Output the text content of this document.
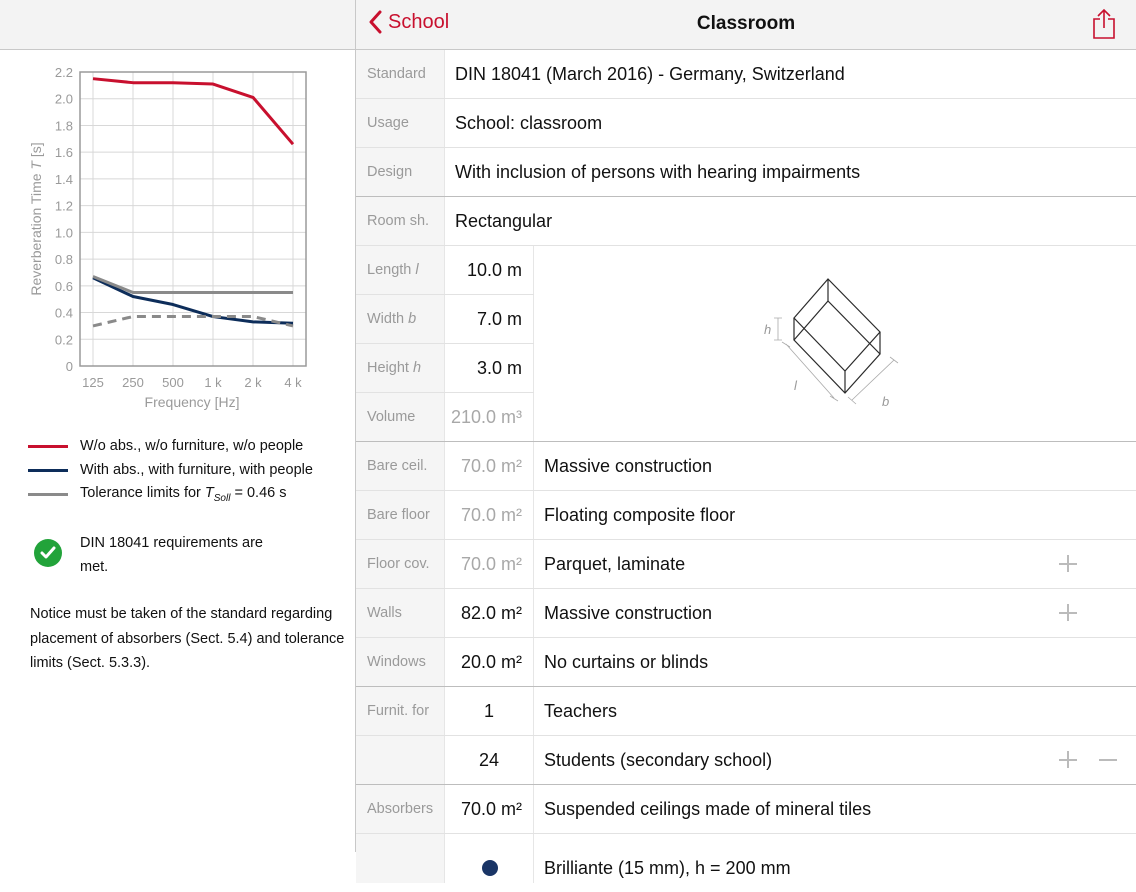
School	Classroom
0
0.2
0.4
0.6
0.8
1.0
1.2
1.4
1.6
1.8
2.0
2.2
125 250 500 1 k 2 k 4 k
Frequency [Hz]
Reverberation Time T [s]
W/o abs., w/o furniture, w/o people
With abs., with furniture, with people
Tolerance limits for $T_{Soll} = 0.46$ s
DIN 18041 requirements are met.
Notice must be taken of the standard regarding placement of absorbers (Sect. 5.4) and tolerance limits (Sect. 5.3.3).
Standard	DIN 18041 (March 2016) - Germany, Switzerland
Usage	School: classroom
Design	With inclusion of persons with hearing impairments
Room sh.	Rectangular
Length l	10.0 m
Width b	7.0 m
Height h	3.0 m
Volume	210.0 m³
h
l
b
Bare ceil.	70.0 m²	Massive construction
Bare floor	70.0 m²	Floating composite floor
Floor cov.	70.0 m²	Parquet, laminate
Walls	82.0 m²	Massive construction
Windows	20.0 m²	No curtains or blinds
Furnit. for	1	Teachers
24	Students (secondary school)
Absorbers	70.0 m²	Suspended ceilings made of mineral tiles
Brilliante (15 mm), h = 200 mm
